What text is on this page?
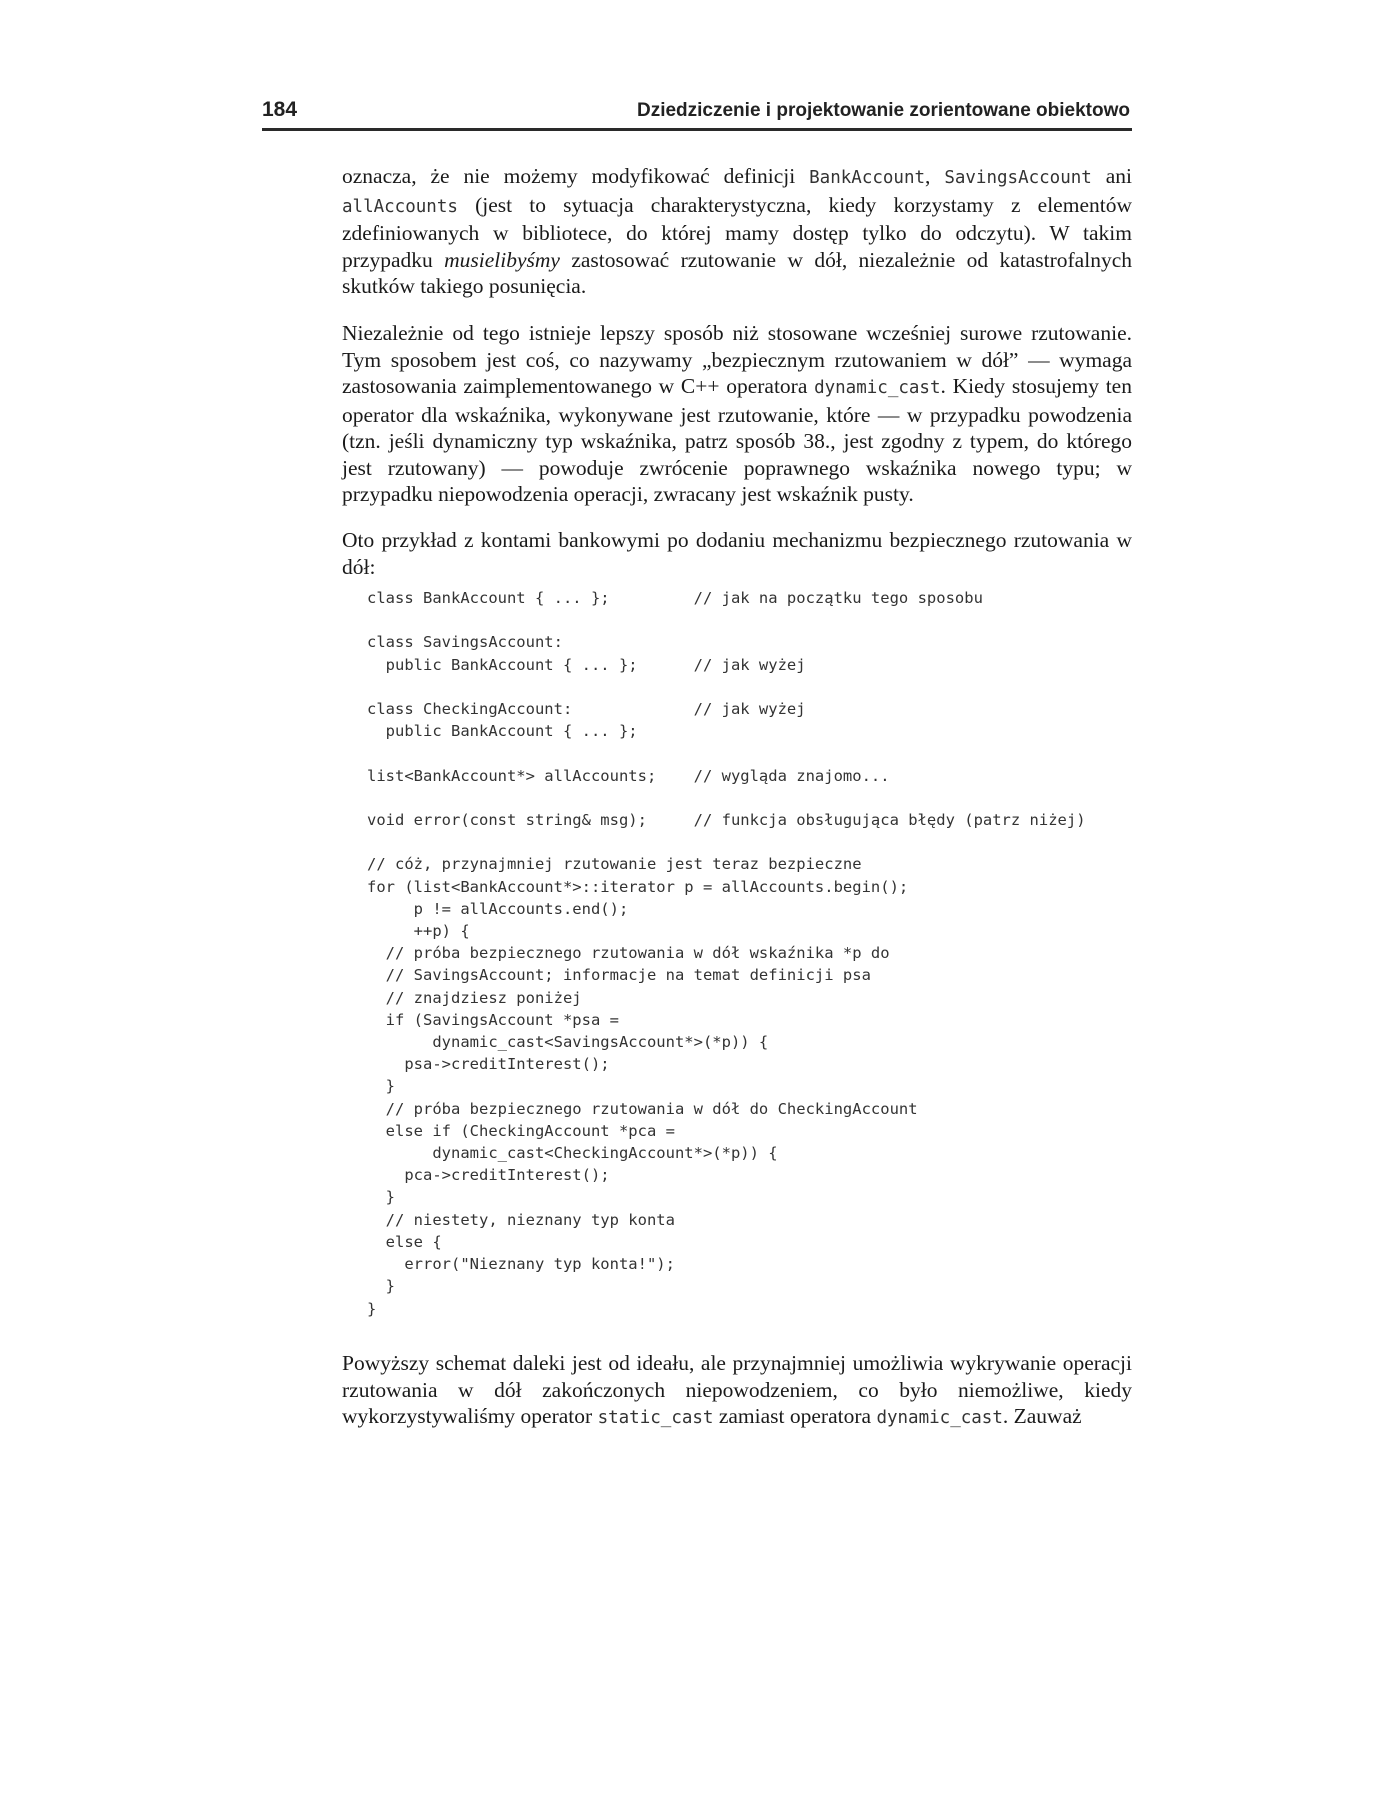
184	Dziedziczenie i projektowanie zorientowane obiektowo

oznacza, że nie możemy modyfikować definicji BankAccount, SavingsAccount ani allAccounts (jest to sytuacja charakterystyczna, kiedy korzystamy z elementów zdefiniowanych w bibliotece, do której mamy dostęp tylko do odczytu). W takim przypadku musielibyśmy zastosować rzutowanie w dół, niezależnie od katastrofalnych skutków takiego posunięcia.

Niezależnie od tego istnieje lepszy sposób niż stosowane wcześniej surowe rzutowanie. Tym sposobem jest coś, co nazywamy „bezpiecznym rzutowaniem w dół” — wymaga zastosowania zaimplementowanego w C++ operatora dynamic_cast. Kiedy stosujemy ten operator dla wskaźnika, wykonywane jest rzutowanie, które — w przypadku powodzenia (tzn. jeśli dynamiczny typ wskaźnika, patrz sposób 38., jest zgodny z typem, do którego jest rzutowany) — powoduje zwrócenie poprawnego wskaźnika nowego typu; w przypadku niepowodzenia operacji, zwracany jest wskaźnik pusty.

Oto przykład z kontami bankowymi po dodaniu mechanizmu bezpiecznego rzutowania w dół:

class BankAccount { ... };         // jak na początku tego sposobu

class SavingsAccount:
public BankAccount { ... };      // jak wyżej

class CheckingAccount:             // jak wyżej
public BankAccount { ... };

list<BankAccount*> allAccounts;    // wygląda znajomo...

void error(const string& msg);     // funkcja obsługująca błędy (patrz niżej)

// cóż, przynajmniej rzutowanie jest teraz bezpieczne
for (list<BankAccount*>::iterator p = allAccounts.begin();
p != allAccounts.end();
++p) {
// próba bezpiecznego rzutowania w dół wskaźnika *p do
// SavingsAccount; informacje na temat definicji psa
// znajdziesz poniżej
if (SavingsAccount *psa =
dynamic_cast<SavingsAccount*>(*p)) {
psa->creditInterest();
}
// próba bezpiecznego rzutowania w dół do CheckingAccount
else if (CheckingAccount *pca =
dynamic_cast<CheckingAccount*>(*p)) {
pca->creditInterest();
}
// niestety, nieznany typ konta
else {
error("Nieznany typ konta!");
}
}

Powyższy schemat daleki jest od ideału, ale przynajmniej umożliwia wykrywanie operacji rzutowania w dół zakończonych niepowodzeniem, co było niemożliwe, kiedy wykorzystywaliśmy operator static_cast zamiast operatora dynamic_cast. Zauważ
